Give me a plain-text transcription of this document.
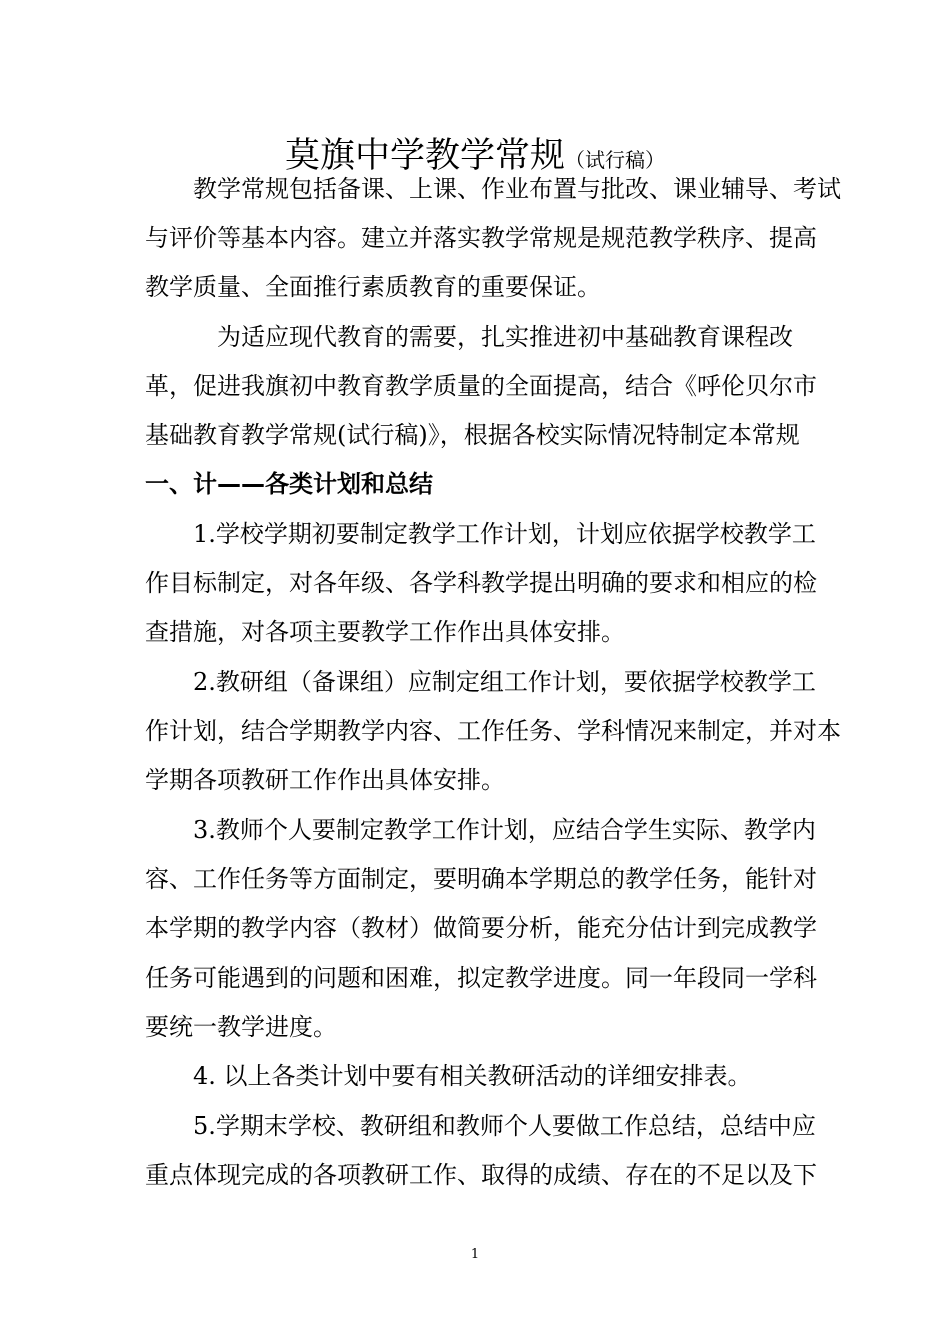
莫旗中学教学常规（试行稿）
　　教学常规包括备课、上课、作业布置与批改、课业辅导、考试
与评价等基本内容。建立并落实教学常规是规范教学秩序、提高
教学质量、全面推行素质教育的重要保证。
　　　为适应现代教育的需要，扎实推进初中基础教育课程改
革，促进我旗初中教育教学质量的全面提高，结合《呼伦贝尔市
基础教育教学常规(试行稿)》，根据各校实际情况特制定本常规
一、计——各类计划和总结
　　1.学校学期初要制定教学工作计划，计划应依据学校教学工
作目标制定，对各年级、各学科教学提出明确的要求和相应的检
查措施，对各项主要教学工作作出具体安排。
　　2.教研组（备课组）应制定组工作计划，要依据学校教学工
作计划，结合学期教学内容、工作任务、学科情况来制定，并对本
学期各项教研工作作出具体安排。
　　3.教师个人要制定教学工作计划，应结合学生实际、教学内
容、工作任务等方面制定，要明确本学期总的教学任务，能针对
本学期的教学内容（教材）做简要分析，能充分估计到完成教学
任务可能遇到的问题和困难，拟定教学进度。同一年段同一学科
要统一教学进度。
　　4. 以上各类计划中要有相关教研活动的详细安排表。
　　5.学期末学校、教研组和教师个人要做工作总结，总结中应
重点体现完成的各项教研工作、取得的成绩、存在的不足以及下
1
